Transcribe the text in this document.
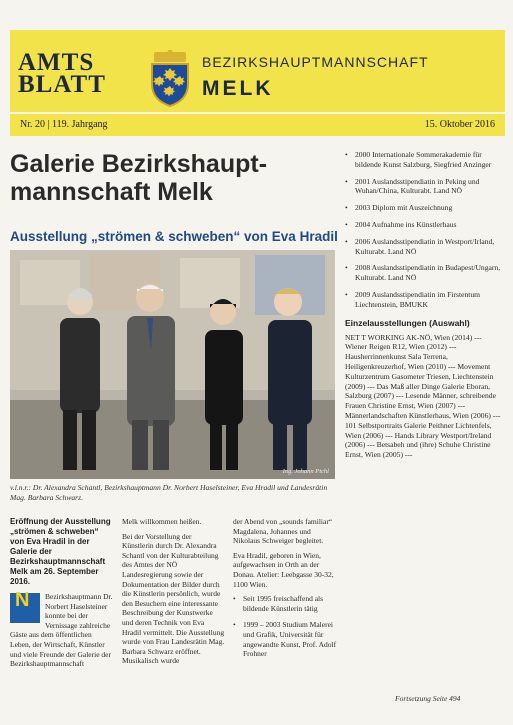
AMTS
BLATT
BEZIRKSHAUPTMANNSCHAFT
MELK
Nr. 20 | 119. Jahrgang	15. Oktober 2016
Galerie Bezirkshaupt-
mannschaft Melk
Ausstellung „strömen & schweben“ von Eva Hradil
Ing. Johann Pichl
v.l.n.r.: Dr. Alexandra Schantl, Bezirkshauptmann Dr. Norbert Haselsteiner, Eva Hradil und Landesrätin Mag. Barbara Schwarz.

Eröffnung der Ausstellung „strömen & schweben“ von Eva Hradil in der Galerie der Bezirkshauptmannschaft Melk am 26. September 2016.

N	Bezirkshauptmann Dr. Norbert Haselsteiner konnte bei der Vernissage zahlreiche Gäste aus dem öffentlichen Leben, der Wirtschaft, Künstler und viele Freunde der Galerie der Bezirkshauptmannschaft

Melk willkommen heißen.

Bei der Vorstellung der Künstlerin durch Dr. Alexandra Schantl von der Kulturabteilung des Amtes der NÖ Landesregierung sowie der Dokumentation der Bilder durch die Künstlerin persönlich, wurde den Besuchern eine interessante Beschreibung der Kunstwerke und deren Technik von Eva Hradil vermittelt. Die Ausstellung wurde von Frau Landesrätin Mag. Barbara Schwarz eröffnet. Musikalisch wurde

der Abend von „sounds familiar“ Magdalena, Johannes und Nikolaus Schweiger begleitet.

Eva Hradil, geboren in Wien, aufgewachsen in Orth an der Donau. Atelier: Leebgasse 30-32, 1100 Wien.

• Seit 1995 freischaffend als bildende Künstlerin tätig
• 1999 – 2003 Studium Malerei und Grafik, Universität für angewandte Kunst, Prof. Adolf Frohner
• 2000 Internationale Sommerakademie für bildende Kunst Salzburg, Siegfried Anzinger
• 2001 Auslandsstipendiatin in Peking und Wuhan/China, Kulturabt. Land NÖ
• 2003 Diplom mit Auszeichnung
• 2004 Aufnahme ins Künstlerhaus
• 2006 Auslandsstipendiatin in Westport/Irland, Kulturabt. Land NÖ
• 2008 Auslandsstipendiatin in Budapest/Ungarn, Kulturabt. Land NÖ
• 2009 Auslandsstipendiatin im Firstentum Liechtenstein, BMUKK
Einzelausstellungen (Auswahl)
NET T WORKING AK-NÖ, Wien (2014) --- Wiener Reigen R12, Wien (2012) --- Hausherrinnenkunst Sala Terrena, Heiligenkreuzerhof, Wien (2010) --- Movement Kulturzentrum Gasometer Triesen, Liechtenstein (2009) --- Das Maß aller Dinge Galerie Eboran, Salzburg (2007) --- Lesende Männer, schreibende Frauen Christine Ernst, Wien (2007) --- Männerlandschaften Künstlerhaus, Wien (2006) --- 101 Selbstportraits Galerie Peithner Lichtenfels, Wien (2006) --- Hands Library Westport/Ireland (2006) --- Betsabeh und (ihre) Schuhe Christine Ernst, Wien (2005) ---
Fortsetzung Seite 494
